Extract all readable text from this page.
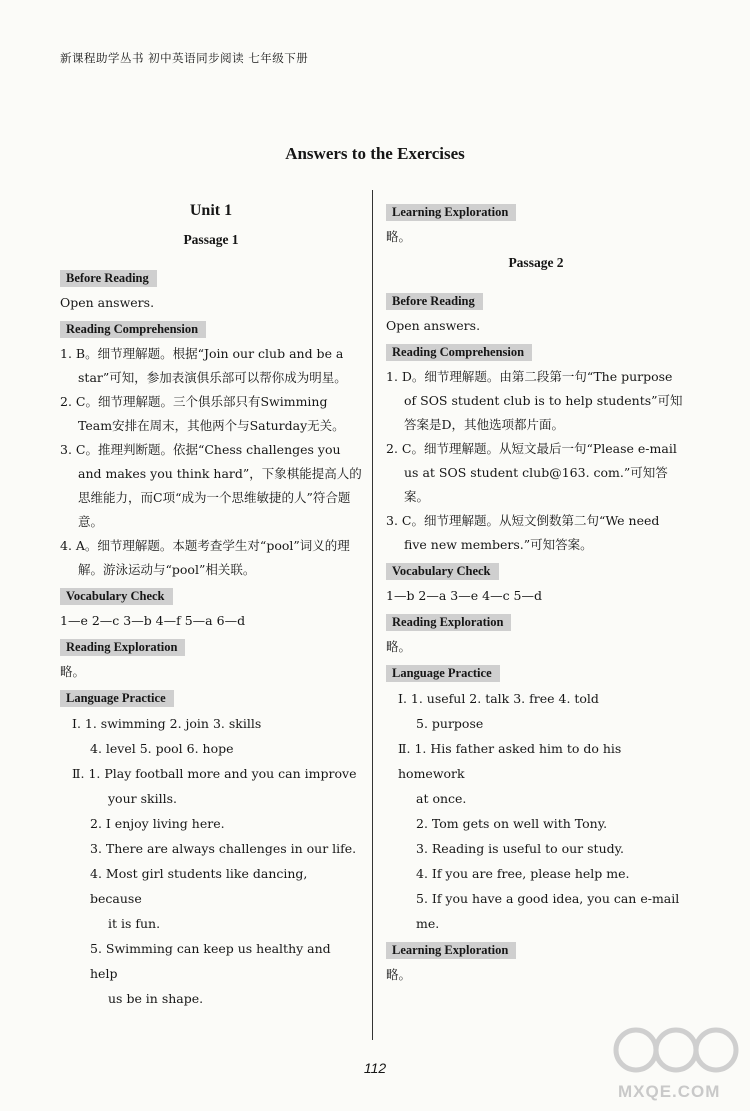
新课程助学丛书 初中英语同步阅读 七年级下册
Answers to the Exercises
Unit 1
Passage 1
Before Reading

Open answers.

Reading Comprehension

1. B。细节理解题。根据“Join our club and be a star”可知，参加表演俱乐部可以帮你成为明星。

2. C。细节理解题。三个俱乐部只有Swimming Team安排在周末，其他两个与Saturday无关。

3. C。推理判断题。依据“Chess challenges you and makes you think hard”，下象棋能提高人的思维能力，而C项“成为一个思维敏捷的人”符合题意。

4. A。细节理解题。本题考查学生对“pool”词义的理解。游泳运动与“pool”相关联。

Vocabulary Check

1—e 2—c 3—b 4—f 5—a 6—d

Reading Exploration

略。

Language Practice

Ⅰ. 1. swimming 2. join 3. skills

4. level 5. pool 6. hope

Ⅱ. 1. Play football more and you can improve

your skills.

2. I enjoy living here.

3. There are always challenges in our life.

4. Most girl students like dancing, because

it is fun.

5. Swimming can keep us healthy and help

us be in shape.

Learning Exploration

略。

Passage 2
Before Reading

Open answers.

Reading Comprehension

1. D。细节理解题。由第二段第一句“The purpose of SOS student club is to help students”可知答案是D，其他选项都片面。

2. C。细节理解题。从短文最后一句“Please e-mail us at SOS student club@163. com.”可知答案。

3. C。细节理解题。从短文倒数第二句“We need five new members.”可知答案。

Vocabulary Check

1—b 2—a 3—e 4—c 5—d

Reading Exploration

略。

Language Practice

Ⅰ. 1. useful 2. talk 3. free 4. told

5. purpose

Ⅱ. 1. His father asked him to do his homework

at once.

2. Tom gets on well with Tony.

3. Reading is useful to our study.

4. If you are free, please help me.

5. If you have a good idea, you can e-mail me.

Learning Exploration

略。

112
MXQE.COM
